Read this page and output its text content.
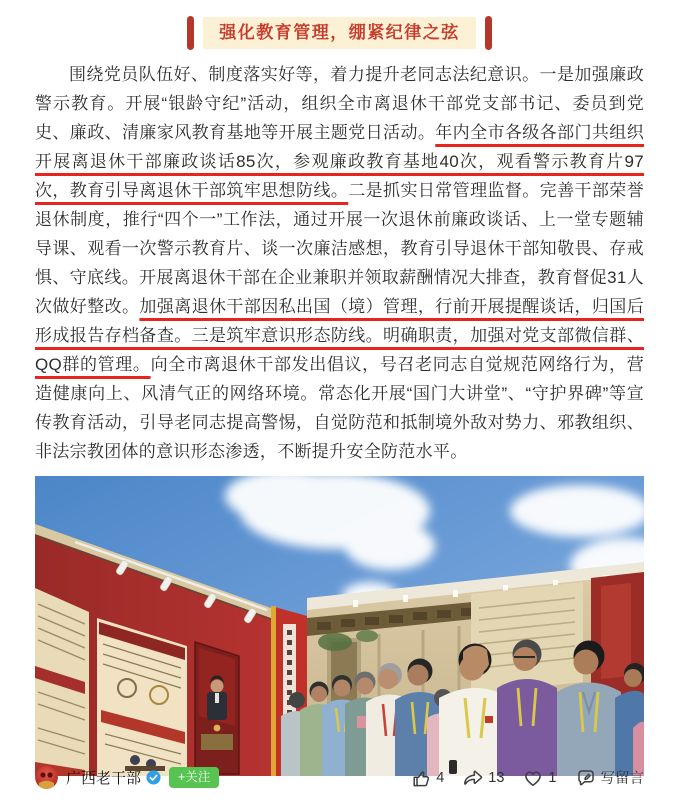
强化教育管理，绷紧纪律之弦

围绕党员队伍好、制度落实好等，着力提升老同志法纪意识。一是加强廉政警示教育。开展“银龄守纪”活动，组织全市离退休干部党支部书记、委员到党史、廉政、清廉家风教育基地等开展主题党日活动。年内全市各级各部门共组织开展离退休干部廉政谈话85次，参观廉政教育基地40次，观看警示教育片97次，教育引导离退休干部筑牢思想防线。二是抓实日常管理监督。完善干部荣誉退休制度，推行“四个一”工作法，通过开展一次退休前廉政谈话、上一堂专题辅导课、观看一次警示教育片、谈一次廉洁感想，教育引导退休干部知敬畏、存戒惧、守底线。开展离退休干部在企业兼职并领取薪酬情况大排查，教育督促31人次做好整改。加强离退休干部因私出国（境）管理，行前开展提醒谈话，归国后形成报告存档备查。三是筑牢意识形态防线。明确职责，加强对党支部微信群、QQ群的管理。向全市离退休干部发出倡议，号召老同志自觉规范网络行为，营造健康向上、风清气正的网络环境。常态化开展“国门大讲堂”、“守护界碑”等宣传教育活动，引导老同志提高警惕，自觉防范和抵制境外敌对势力、邪教组织、非法宗教团体的意识形态渗透，不断提升安全防范水平。

广西老干部	+关注	4	13	1	写留言
